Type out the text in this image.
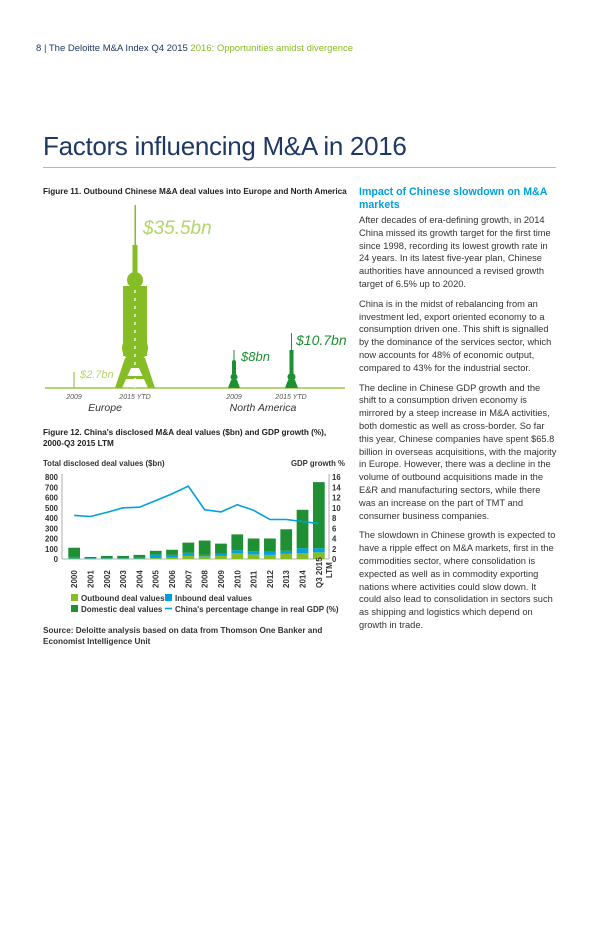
8 | The Deloitte M&A Index Q4 2015 2016: Opportunities amidst divergence
Factors influencing M&A in 2016
Figure 11. Outbound Chinese M&A deal values into Europe and North America
$2.7bn
$35.5bn
$8bn
$10.7bn
2009	2015 YTD	2009	2015 YTD
Europe	North America
Figure 12. China's disclosed M&A deal values ($bn) and GDP growth (%), 2000-Q3 2015 LTM
Total disclosed deal values ($bn)	GDP growth %
0
100
200
300
400
500
600
700
800
0
2
4
6
8
10
12
14
16
2000 2001 2002 2003 2004 2005 2006 2007 2008 2009 2010 2011 2012 2013 2014 Q3 2015 LTM
Outbound deal values Inbound deal values
Domestic deal values China's percentage change in real GDP (%)
Source: Deloitte analysis based on data from Thomson One Banker and Economist Intelligence Unit
Impact of Chinese slowdown on M&A markets

After decades of era-defining growth, in 2014 China missed its growth target for the first time since 1998, recording its lowest growth rate in 24 years. In its latest five-year plan, Chinese authorities have announced a revised growth target of 6.5% up to 2020.

China is in the midst of rebalancing from an investment led, export oriented economy to a consumption driven one. This shift is signalled by the dominance of the services sector, which now accounts for 48% of economic output, compared to 43% for the industrial sector.

The decline in Chinese GDP growth and the shift to a consumption driven economy is mirrored by a steep increase in M&A activities, both domestic as well as cross-border. So far this year, Chinese companies have spent $65.8 billion in overseas acquisitions, with the majority in Europe. However, there was a decline in the volume of outbound acquisitions made in the E&R and manufacturing sectors, while there was an increase on the part of TMT and consumer business companies.

The slowdown in Chinese growth is expected to have a ripple effect on M&A markets, first in the commodities sector, where consolidation is expected as well as in commodity exporting nations where activities could slow down. It could also lead to consolidation in sectors such as shipping and logistics which depend on growth in trade.
